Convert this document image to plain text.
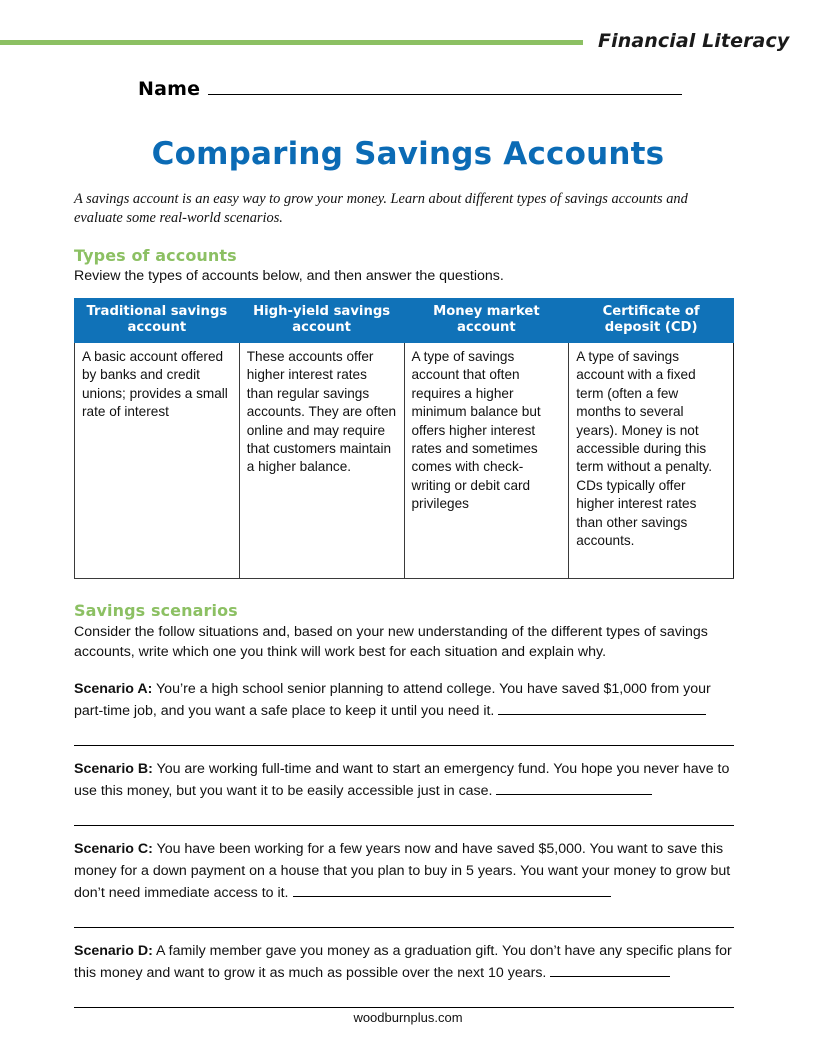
Financial Literacy
Name
Comparing Savings Accounts

A savings account is an easy way to grow your money. Learn about different types of savings accounts and evaluate some real-world scenarios.

Types of accounts

Review the types of accounts below, and then answer the questions.

Traditional savings account	High-yield savings account	Money market account	Certificate of deposit (CD)
A basic account offered by banks and credit unions; provides a small rate of interest	These accounts offer higher interest rates than regular savings accounts. They are often online and may require that customers maintain a higher balance.	A type of savings account that often requires a higher minimum balance but offers higher interest rates and sometimes comes with check-writing or debit card privileges	A type of savings account with a fixed term (often a few months to several years). Money is not accessible during this term without a penalty. CDs typically offer higher interest rates than other savings accounts.
Savings scenarios

Consider the follow situations and, based on your new understanding of the different types of savings accounts, write which one you think will work best for each situation and explain why.

Scenario A: You’re a high school senior planning to attend college. You have saved $1,000 from your part-time job, and you want a safe place to keep it until you need it.

Scenario B: You are working full-time and want to start an emergency fund. You hope you never have to use this money, but you want it to be easily accessible just in case.

Scenario C: You have been working for a few years now and have saved $5,000. You want to save this money for a down payment on a house that you plan to buy in 5 years. You want your money to grow but don’t need immediate access to it.

Scenario D: A family member gave you money as a graduation gift. You don’t have any specific plans for this money and want to grow it as much as possible over the next 10 years.

woodburnplus.com
